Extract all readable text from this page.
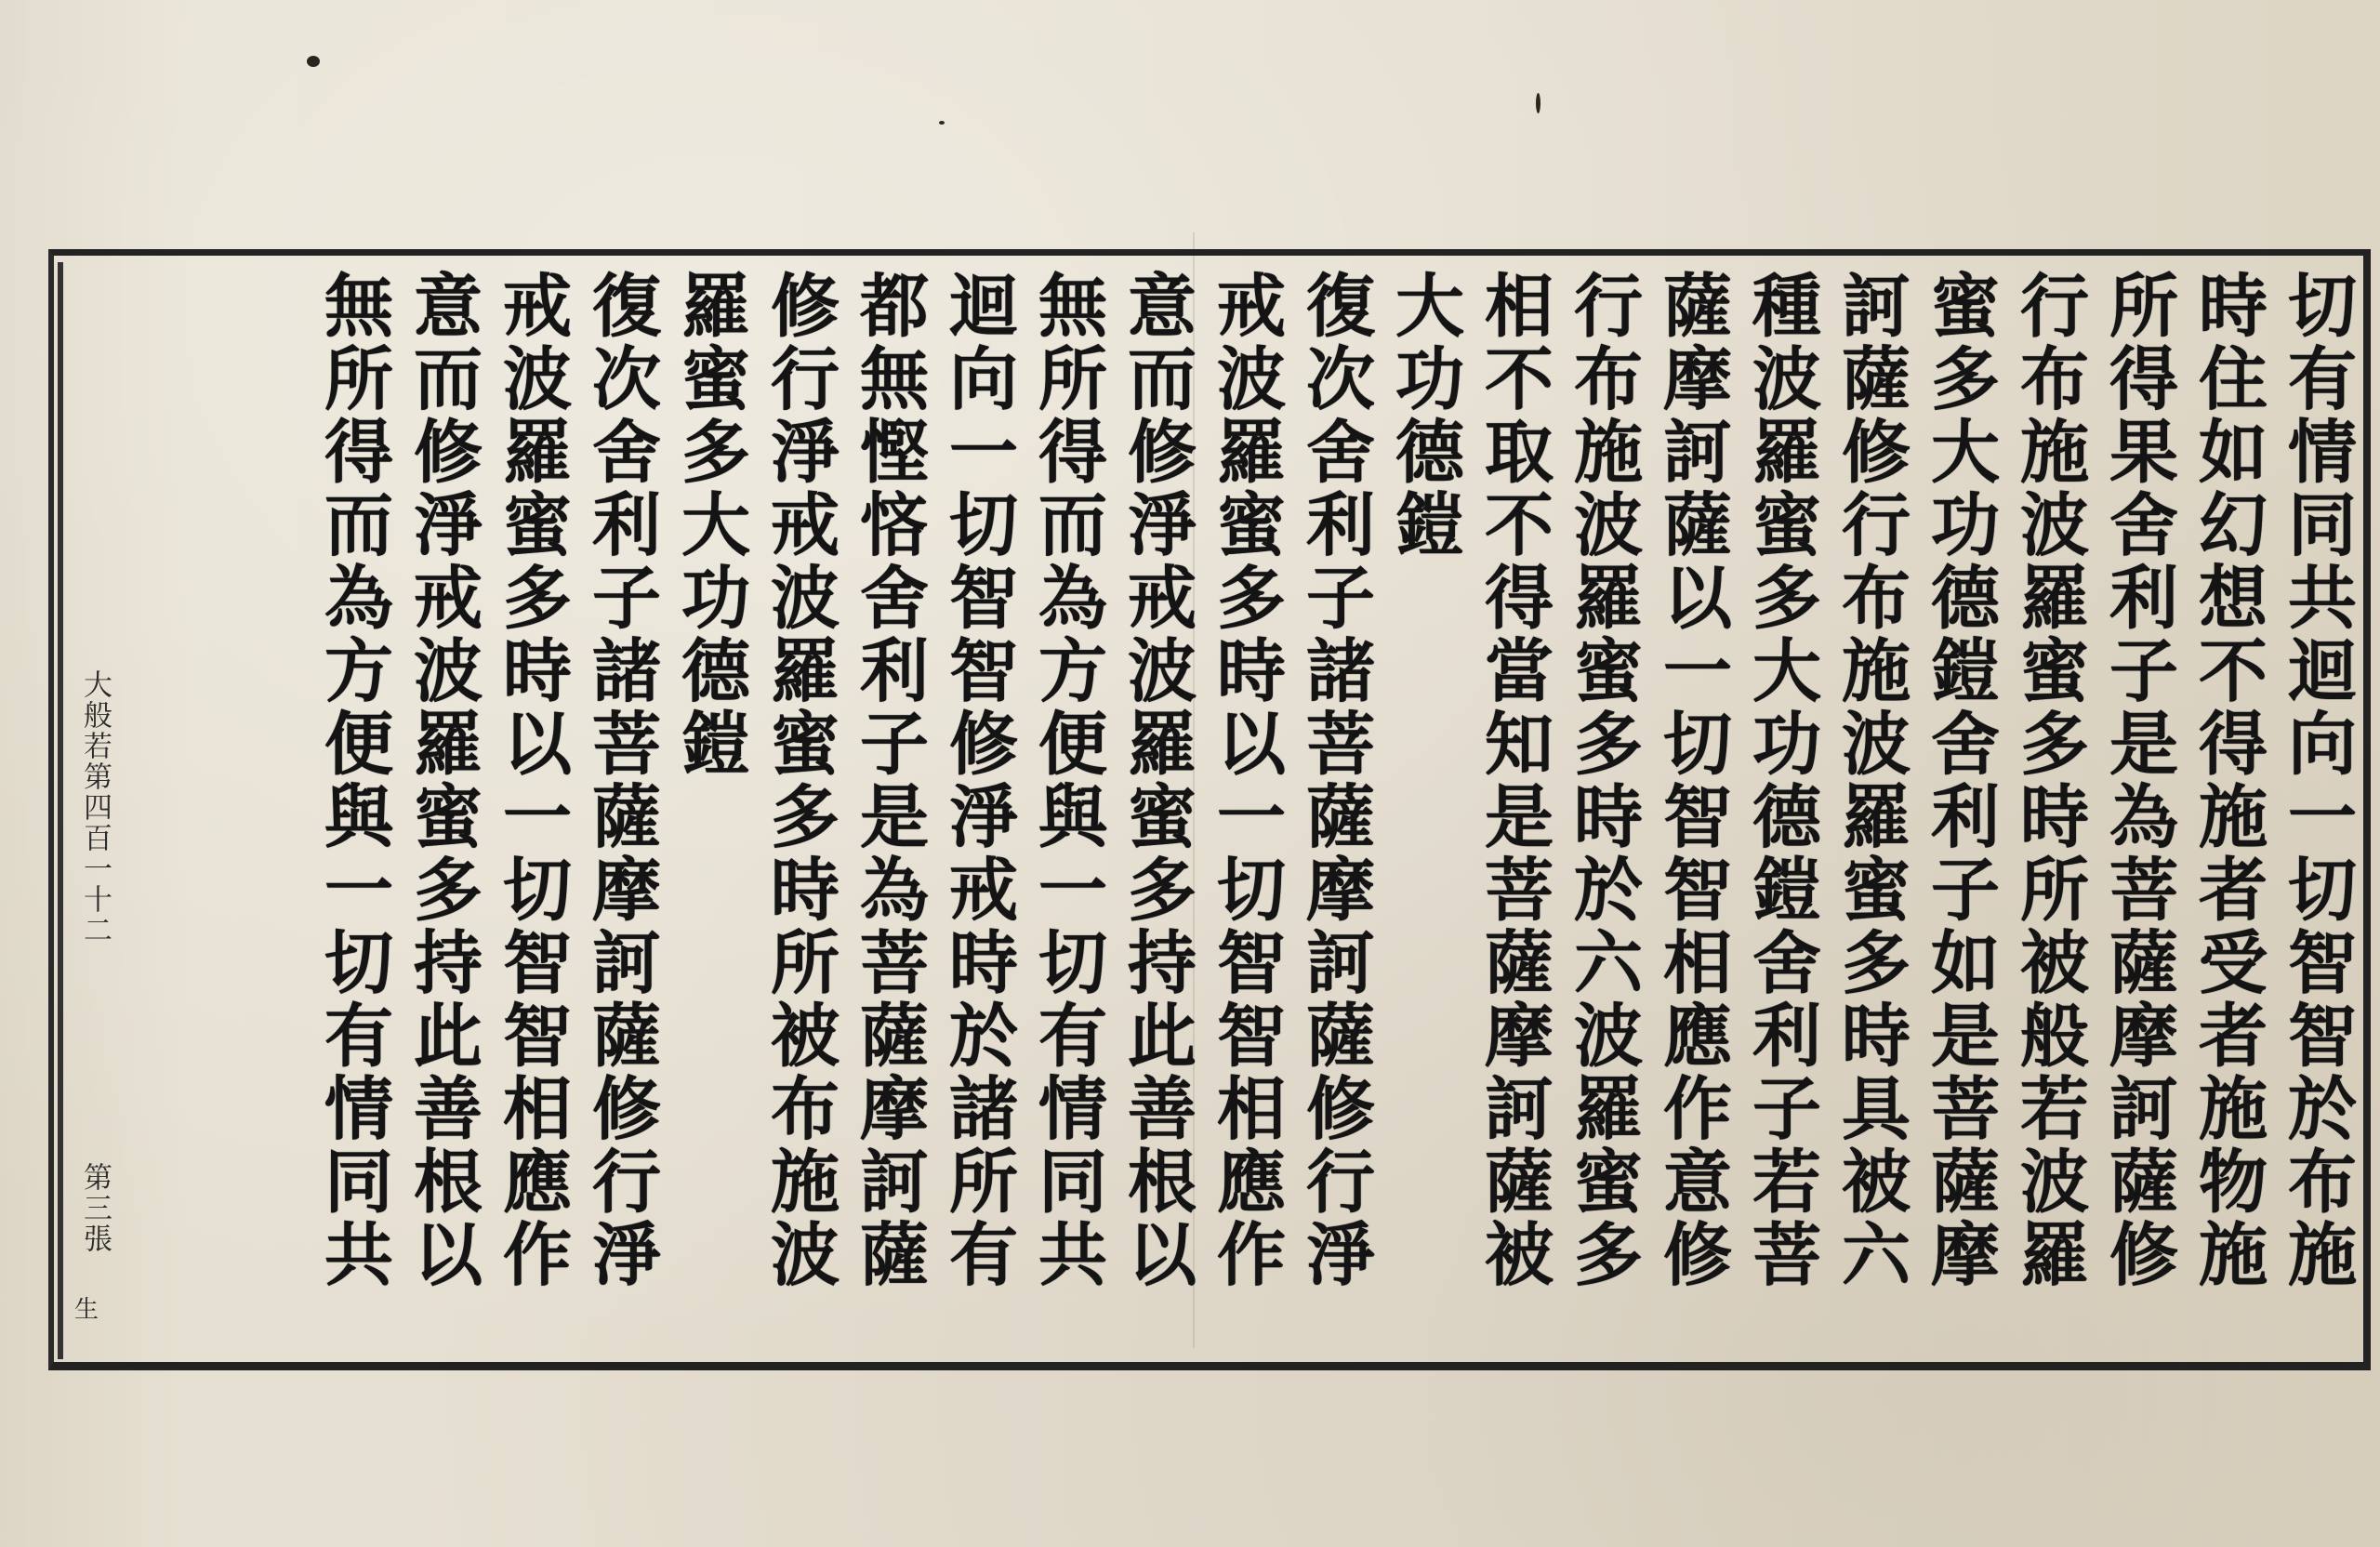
切有情同共迴向一切智智於布施
時住如幻想不得施者受者施物施
所得果舍利子是為菩薩摩訶薩修
行布施波羅蜜多時所被般若波羅
蜜多大功德鎧舍利子如是菩薩摩
訶薩修行布施波羅蜜多時具被六
種波羅蜜多大功德鎧舍利子若菩
薩摩訶薩以一切智智相應作意修
行布施波羅蜜多時於六波羅蜜多
相不取不得當知是菩薩摩訶薩被
大功德鎧
復次舍利子諸菩薩摩訶薩修行淨
戒波羅蜜多時以一切智智相應作
意而修淨戒波羅蜜多持此善根以
無所得而為方便與一切有情同共
迴向一切智智修淨戒時於諸所有
都無慳悋舍利子是為菩薩摩訶薩
修行淨戒波羅蜜多時所被布施波
羅蜜多大功德鎧
復次舍利子諸菩薩摩訶薩修行淨
戒波羅蜜多時以一切智智相應作
意而修淨戒波羅蜜多持此善根以
無所得而為方便與一切有情同共
大般若第四百一十二
第三張
生
